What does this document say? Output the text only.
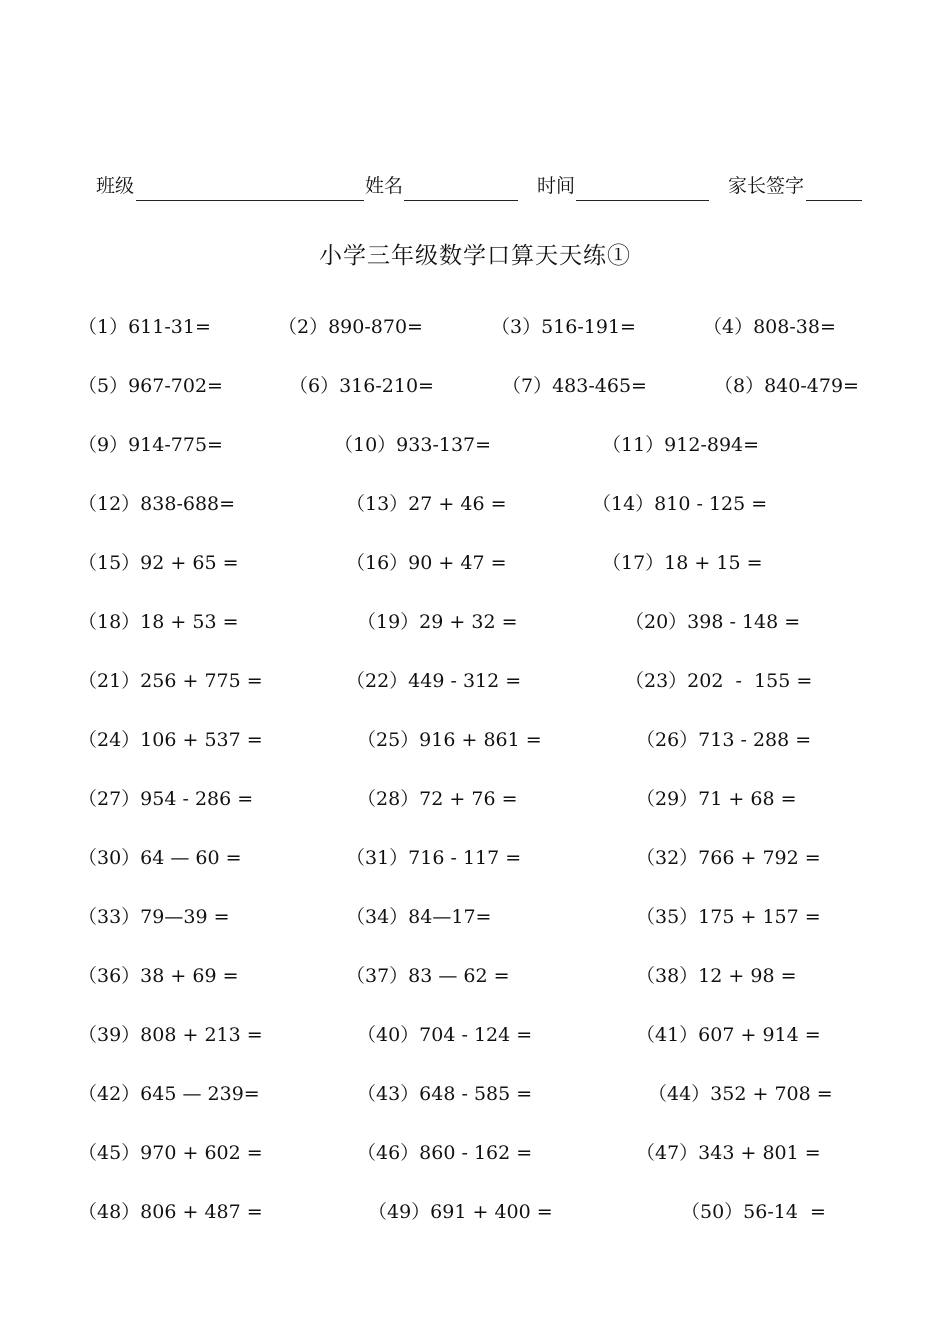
班级	姓名	时间	家长签字
小学三年级数学口算天天练①
（1）611-31=	（2）890-870=	（3）516-191=	（4）808-38=
（5）967-702=	（6）316-210=	（7）483-465=	（8）840-479=
（9）914-775=	（10）933-137=	（11）912-894=
（12）838-688=	（13）27 + 46 =	（14）810 - 125 =
（15）92 + 65 =	（16）90 + 47 =	（17）18 + 15 =
（18）18 + 53 =	（19）29 + 32 =	（20）398 - 148 =
（21）256 + 775 =	（22）449 - 312 =	（23）202  -  155 =
（24）106 + 537 =	（25）916 + 861 =	（26）713 - 288 =
（27）954 - 286 =	（28）72 + 76 =	（29）71 + 68 =
（30）64 — 60 =	（31）716 - 117 =	（32）766 + 792 =
（33）79—39 =	（34）84—17=	（35）175 + 157 =
（36）38 + 69 =	（37）83 — 62 =	（38）12 + 98 =
（39）808 + 213 =	（40）704 - 124 =	（41）607 + 914 =
（42）645 — 239=	（43）648 - 585 =	（44）352 + 708 =
（45）970 + 602 =	（46）860 - 162 =	（47）343 + 801 =
（48）806 + 487 =	（49）691 + 400 =	（50）56-14  =
